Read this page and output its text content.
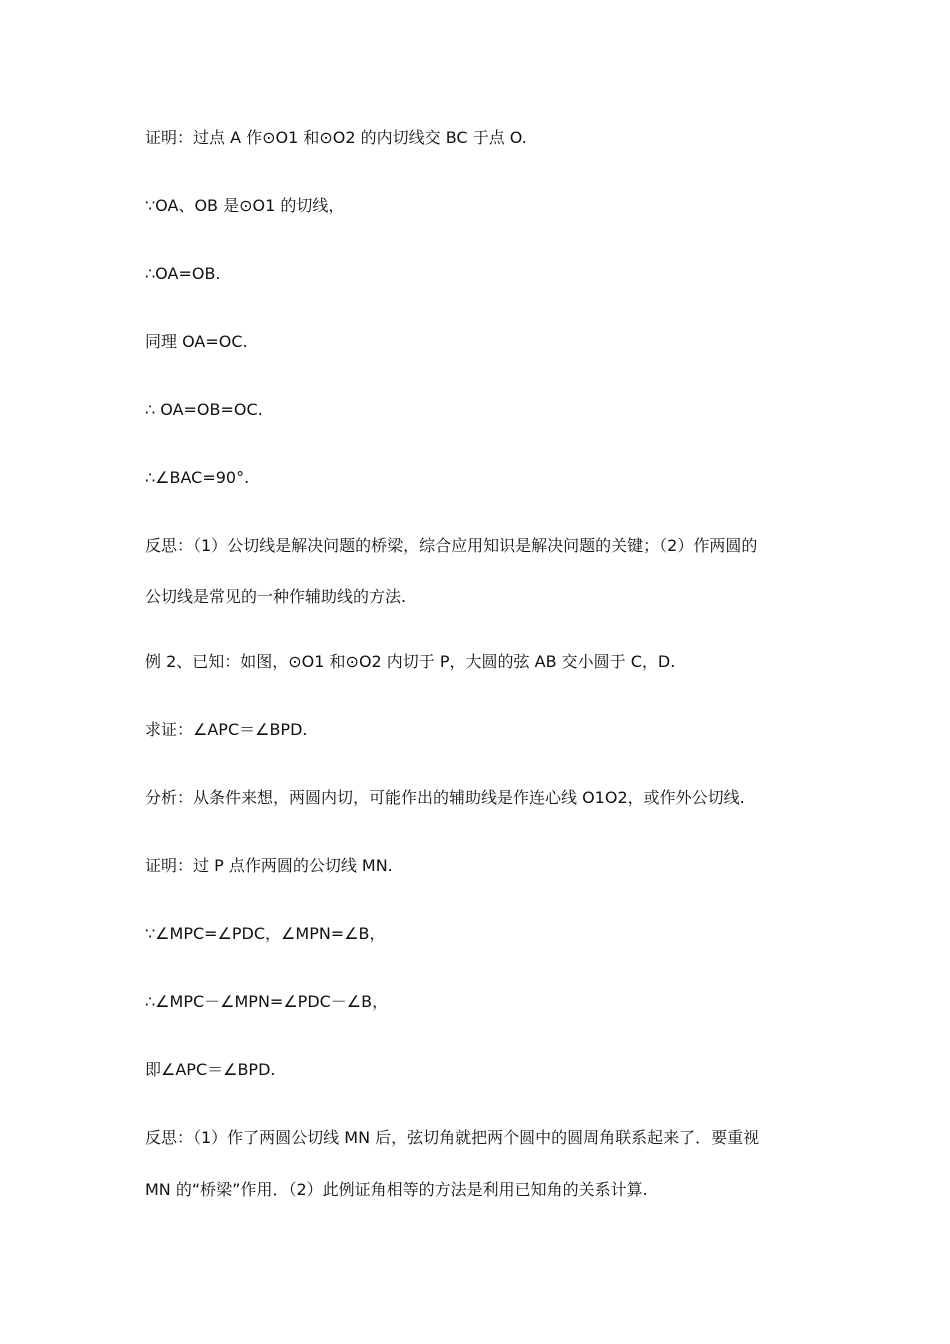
证明：过点 A 作⊙O1 和⊙O2 的内切线交 BC 于点 O.
∵OA、OB 是⊙O1 的切线，
∴OA=OB.
同理 OA=OC.
∴ OA=OB=OC.
∴∠BAC=90°.
反思：（1）公切线是解决问题的桥梁，综合应用知识是解决问题的关键；（2）作两圆的
公切线是常见的一种作辅助线的方法.
例 2、已知：如图，⊙O1 和⊙O2 内切于 P，大圆的弦 AB 交小圆于 C，D.
求证：∠APC＝∠BPD.
分析：从条件来想，两圆内切，可能作出的辅助线是作连心线 O1O2，或作外公切线.
证明：过 P 点作两圆的公切线 MN.
∵∠MPC=∠PDC，∠MPN=∠B，
∴∠MPC－∠MPN=∠PDC－∠B，
即∠APC＝∠BPD.
反思：（1）作了两圆公切线 MN 后，弦切角就把两个圆中的圆周角联系起来了．要重视
MN 的“桥梁”作用．（2）此例证角相等的方法是利用已知角的关系计算.
